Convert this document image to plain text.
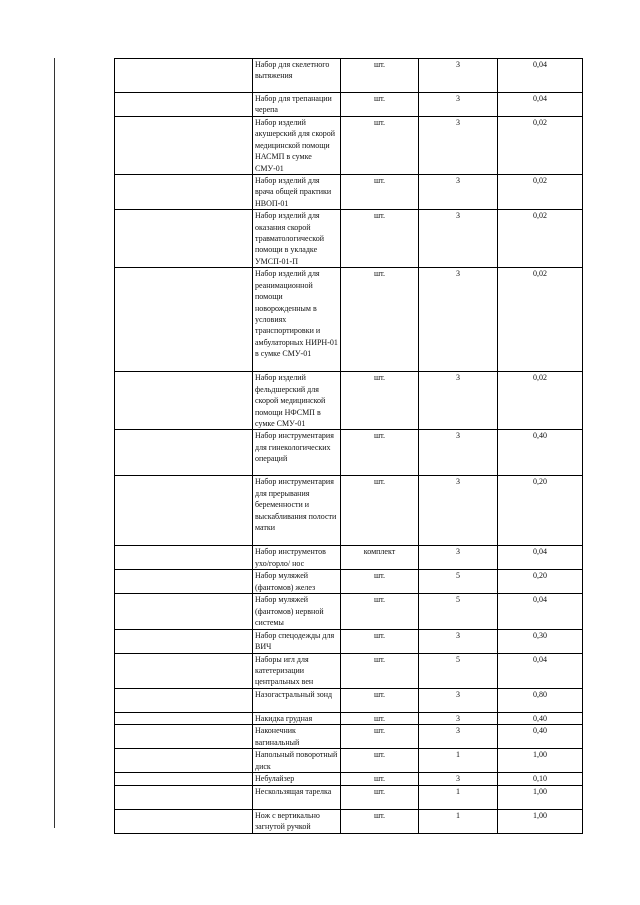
	Набор для скелетного вытяжения	шт.	3	0,04
	Набор для трепанации черепа	шт.	3	0,04
	Набор изделий акушерский для скорой медицинской помощи НАСМП в сумке СМУ-01	шт.	3	0,02
	Набор изделий для врача общей практики НВОП-01	шт.	3	0,02
	Набор изделий для оказания скорой травматологической помощи в укладке УМСП-01-П	шт.	3	0,02
	Набор изделий для реанимационной помощи новорожденным в условиях транспортировки и амбулаторных НИРН-01 в сумке СМУ-01	шт.	3	0,02
	Набор изделий фельдшерский для скорой медицинской помощи НФСМП в сумке СМУ-01	шт.	3	0,02
	Набор инструментария для гинекологических операций	шт.	3	0,40
	Набор инструментария для прерывания беременности и выскабливания полости матки	шт.	3	0,20
	Набор инструментов ухо/горло/ нос	комплект	3	0,04
	Набор муляжей (фантомов) желез	шт.	5	0,20
	Набор муляжей (фантомов) нервной системы	шт.	5	0,04
	Набор спецодежды для ВИЧ	шт.	3	0,30
	Наборы игл для катетеризации центральных вен	шт.	5	0,04
	Назогастральный зонд	шт.	3	0,80
	Накидка грудная	шт.	3	0,40
	Наконечник вагинальный	шт.	3	0,40
	Напольный поворотный диск	шт.	1	1,00
	Небулайзер	шт.	3	0,10
	Нескользящая тарелка	шт.	1	1,00
	Нож с вертикально загнутой ручкой	шт.	1	1,00
